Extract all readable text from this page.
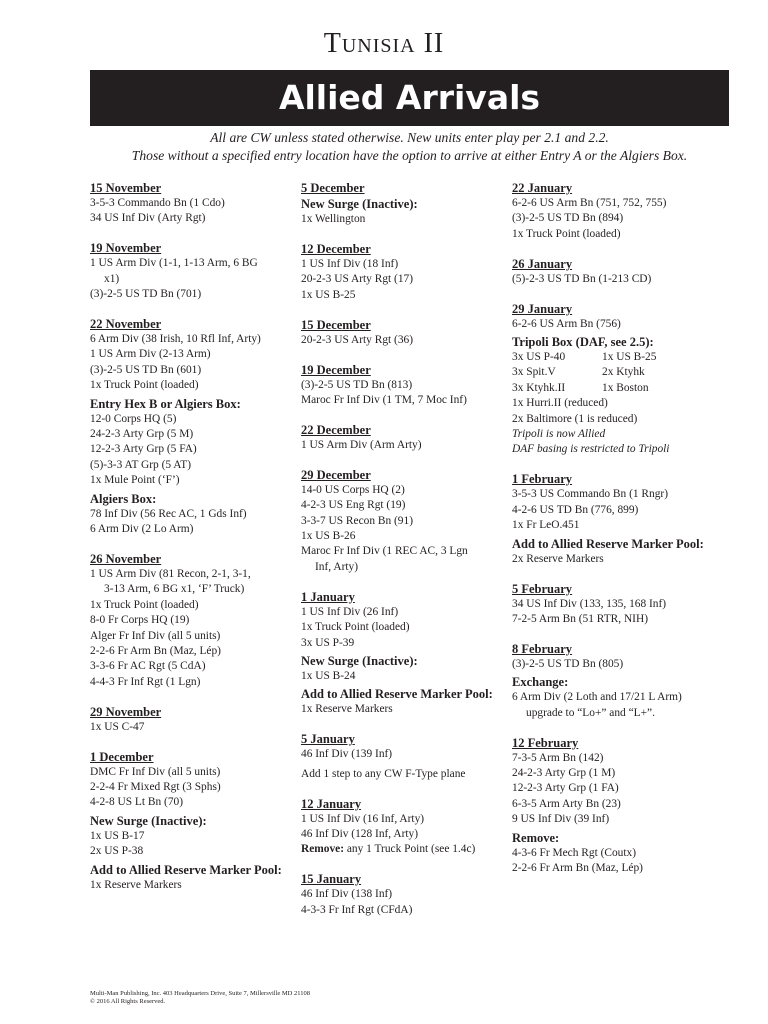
Tunisia II
Allied Arrivals
All are CW unless stated otherwise. New units enter play per 2.1 and 2.2.
Those without a specified entry location have the option to arrive at either Entry A or the Algiers Box.
15 November
3-5-3 Commando Bn (1 Cdo)
34 US Inf Div (Arty Rgt)
19 November
1 US Arm Div (1-1, 1-13 Arm, 6 BG
x1)
(3)-2-5 US TD Bn (701)
22 November
6 Arm Div (38 Irish, 10 Rfl Inf, Arty)
1 US Arm Div (2-13 Arm)
(3)-2-5 US TD Bn (601)
1x Truck Point (loaded)
Entry Hex B or Algiers Box:
12-0 Corps HQ (5)
24-2-3 Arty Grp (5 M)
12-2-3 Arty Grp (5 FA)
(5)-3-3 AT Grp (5 AT)
1x Mule Point (‘F’)
Algiers Box:
78 Inf Div (56 Rec AC, 1 Gds Inf)
6 Arm Div (2 Lo Arm)
26 November
1 US Arm Div (81 Recon, 2-1, 3-1,
3-13 Arm, 6 BG x1, ‘F’ Truck)
1x Truck Point (loaded)
8-0 Fr Corps HQ (19)
Alger Fr Inf Div (all 5 units)
2-2-6 Fr Arm Bn (Maz, Lép)
3-3-6 Fr AC Rgt (5 CdA)
4-4-3 Fr Inf Rgt (1 Lgn)
29 November
1x US C-47
1 December
DMC Fr Inf Div (all 5 units)
2-2-4 Fr Mixed Rgt (3 Sphs)
4-2-8 US Lt Bn (70)
New Surge (Inactive):
1x US B-17
2x US P-38
Add to Allied Reserve Marker Pool:
1x Reserve Markers
5 December
New Surge (Inactive):
1x Wellington
12 December
1 US Inf Div (18 Inf)
20-2-3 US Arty Rgt (17)
1x US B-25
15 December
20-2-3 US Arty Rgt (36)
19 December
(3)-2-5 US TD Bn (813)
Maroc Fr Inf Div (1 TM, 7 Moc Inf)
22 December
1 US Arm Div (Arm Arty)
29 December
14-0 US Corps HQ (2)
4-2-3 US Eng Rgt (19)
3-3-7 US Recon Bn (91)
1x US B-26
Maroc Fr Inf Div (1 REC AC, 3 Lgn
Inf, Arty)
1 January
1 US Inf Div (26 Inf)
1x Truck Point (loaded)
3x US P-39
New Surge (Inactive):
1x US B-24
Add to Allied Reserve Marker Pool:
1x Reserve Markers
5 January
46 Inf Div (139 Inf)
Add 1 step to any CW F-Type plane
12 January
1 US Inf Div (16 Inf, Arty)
46 Inf Div (128 Inf, Arty)
Remove: any 1 Truck Point (see 1.4c)
15 January
46 Inf Div (138 Inf)
4-3-3 Fr Inf Rgt (CFdA)
22 January
6-2-6 US Arm Bn (751, 752, 755)
(3)-2-5 US TD Bn (894)
1x Truck Point (loaded)
26 January
(5)-2-3 US TD Bn (1-213 CD)
29 January
6-2-6 US Arm Bn (756)
Tripoli Box (DAF, see 2.5):
3x US P-40	1x US B-25
3x Spit.V	2x Ktyhk
3x Ktyhk.II	1x Boston
1x Hurri.II (reduced)
2x Baltimore (1 is reduced)
Tripoli is now Allied
DAF basing is restricted to Tripoli
1 February
3-5-3 US Commando Bn (1 Rngr)
4-2-6 US TD Bn (776, 899)
1x Fr LeO.451
Add to Allied Reserve Marker Pool:
2x Reserve Markers
5 February
34 US Inf Div (133, 135, 168 Inf)
7-2-5 Arm Bn (51 RTR, NIH)
8 February
(3)-2-5 US TD Bn (805)
Exchange:
6 Arm Div (2 Loth and 17/21 L Arm)
upgrade to “Lo+” and “L+”.
12 February
7-3-5 Arm Bn (142)
24-2-3 Arty Grp (1 M)
12-2-3 Arty Grp (1 FA)
6-3-5 Arm Arty Bn (23)
9 US Inf Div (39 Inf)
Remove:
4-3-6 Fr Mech Rgt (Coutx)
2-2-6 Fr Arm Bn (Maz, Lép)
Multi-Man Publishing, Inc. 403 Headquarters Drive, Suite 7, Millersville MD 21108
© 2016 All Rights Reserved.
